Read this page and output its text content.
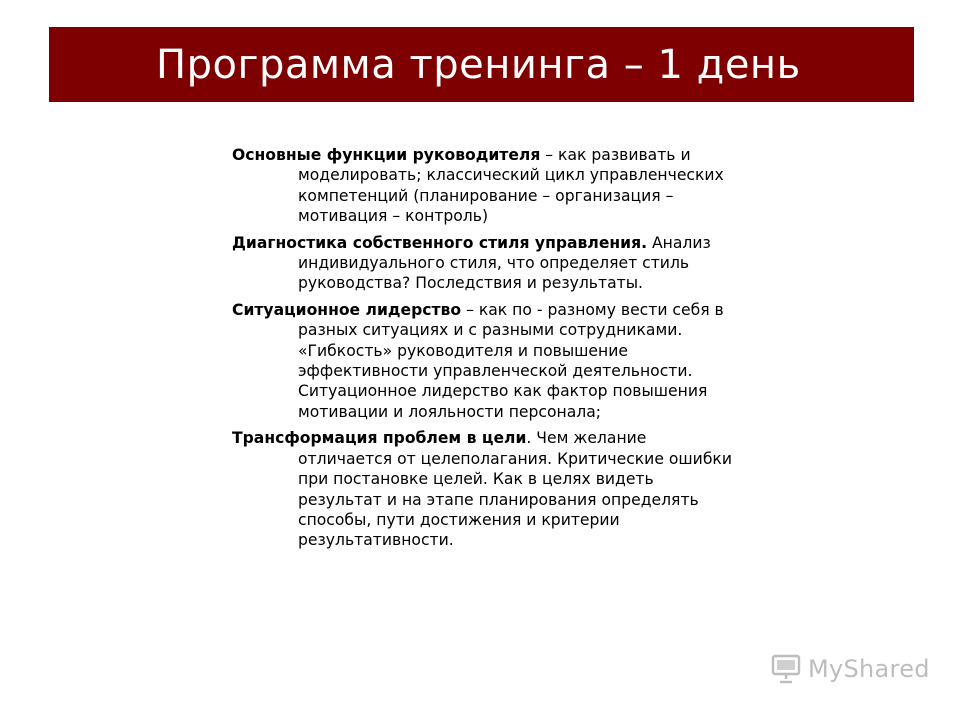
Программа тренинга – 1 день

Основные функции руководителя – как развивать и моделировать; классический цикл управленческих компетенций (планирование – организация – мотивация – контроль)

Диагностика собственного стиля управления. Анализ индивидуального стиля, что определяет стиль руководства? Последствия и результаты.

Ситуационное лидерство – как по - разному вести себя в разных ситуациях и с разными сотрудниками. «Гибкость» руководителя и повышение эффективности управленческой деятельности. Ситуационное лидерство как фактор повышения мотивации и лояльности персонала;

Трансформация проблем в цели. Чем желание отличается от целеполагания. Критические ошибки при постановке целей. Как в целях видеть результат и на этапе планирования определять способы, пути достижения и критерии результативности.

MyShared
